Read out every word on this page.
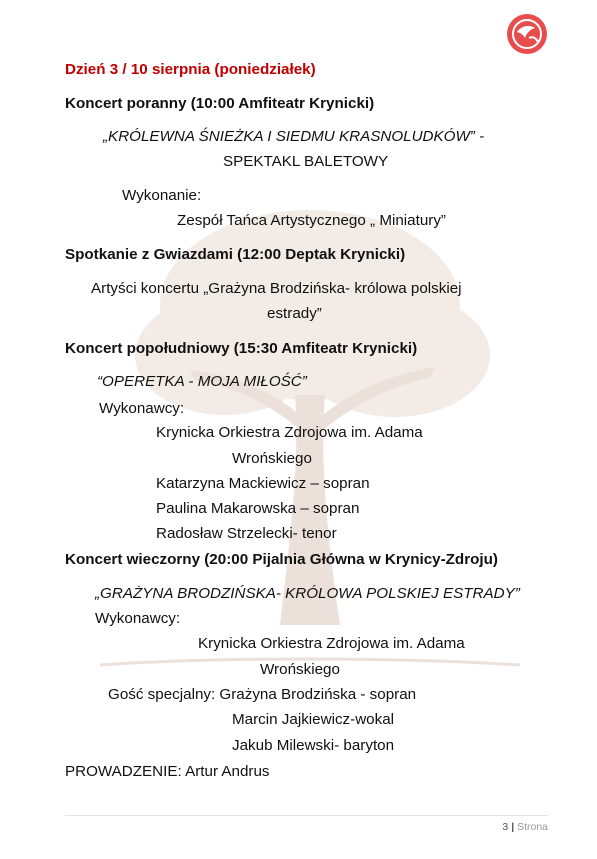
Dzień 3 / 10 sierpnia (poniedziałek)
Koncert poranny (10:00 Amfiteatr Krynicki)
„KRÓLEWNA ŚNIEŻKA I SIEDMU KRASNOLUDKÓW” -
SPEKTAKL BALETOWY
Wykonanie:
Zespół Tańca Artystycznego „ Miniatury”
Spotkanie z Gwiazdami (12:00 Deptak Krynicki)
Artyści koncertu „Grażyna Brodzińska- królowa polskiej
estrady”
Koncert popołudniowy (15:30 Amfiteatr Krynicki)
“OPERETKA - MOJA MIŁOŚĆ”
Wykonawcy:
Krynicka Orkiestra Zdrojowa im. Adama
Wrońskiego
Katarzyna Mackiewicz – sopran
Paulina Makarowska – sopran
Radosław Strzelecki- tenor
Koncert wieczorny (20:00 Pijalnia Główna w Krynicy-Zdroju)
„GRAŻYNA BRODZIŃSKA- KRÓLOWA POLSKIEJ ESTRADY”
Wykonawcy:
Krynicka Orkiestra Zdrojowa im. Adama
Wrońskiego
Gość specjalny: Grażyna Brodzińska - sopran
Marcin Jajkiewicz-wokal
Jakub Milewski- baryton
PROWADZENIE: Artur Andrus
3 | Strona
